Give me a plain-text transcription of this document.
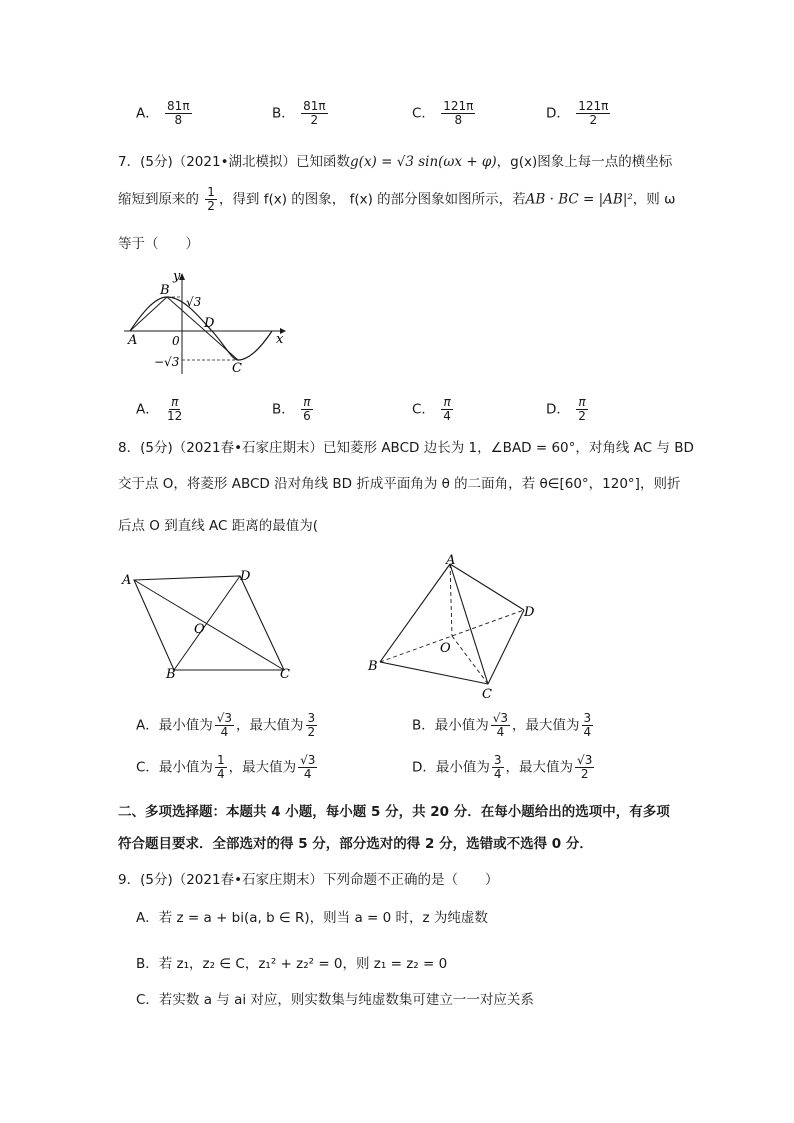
A． $\frac{81\pi}{8}$	B． $\frac{81\pi}{2}$	C． $\frac{121\pi}{8}$	D． $\frac{121\pi}{2}$
7．(5分)（2021•湖北模拟）已知函数g(x) = √3 sin(ωx + φ)，g(x)图象上每一点的横坐标
缩短到原来的 $\frac{1}{2}$ ，得到 f(x) 的图象， f(x) 的部分图象如图所示，若AB · BC = |AB|²，则 ω
等于（　　）
y
x
B
√3
D
0
A
−√3	C
A． $\frac{\pi}{12}$	B． $\frac{\pi}{6}$	C． $\frac{\pi}{4}$	D． $\frac{\pi}{2}$
8．(5分)（2021春•石家庄期末）已知菱形 ABCD 边长为 1，∠BAD = 60°，对角线 AC 与 BD
交于点 O，将菱形 ABCD 沿对角线 BD 折成平面角为 θ 的二面角，若 θ∈[60°，120°]，则折
后点 O 到直线 AC 距离的最值为(
A	D
O
B	C
A
D
O
B
C
A．最小值为 $\frac{√3}{4}$ ，最大值为 $\frac{3}{2}$	B．最小值为 $\frac{√3}{4}$ ，最大值为 $\frac{3}{4}$
C．最小值为 $\frac{1}{4}$ ，最大值为 $\frac{√3}{4}$	D．最小值为 $\frac{3}{4}$ ，最大值为 $\frac{√3}{2}$
二、多项选择题：本题共 4 小题，每小题 5 分，共 20 分．在每小题给出的选项中，有多项
符合题目要求．全部选对的得 5 分，部分选对的得 2 分，选错或不选得 0 分．
9．(5分)（2021春•石家庄期末）下列命题不正确的是（　　）
A．若 z = a + bi(a, b ∈ R)，则当 a = 0 时，z 为纯虚数
B．若 z₁，z₂ ∈ C，z₁² + z₂² = 0，则 z₁ = z₂ = 0
C．若实数 a 与 ai 对应，则实数集与纯虚数集可建立一一对应关系
